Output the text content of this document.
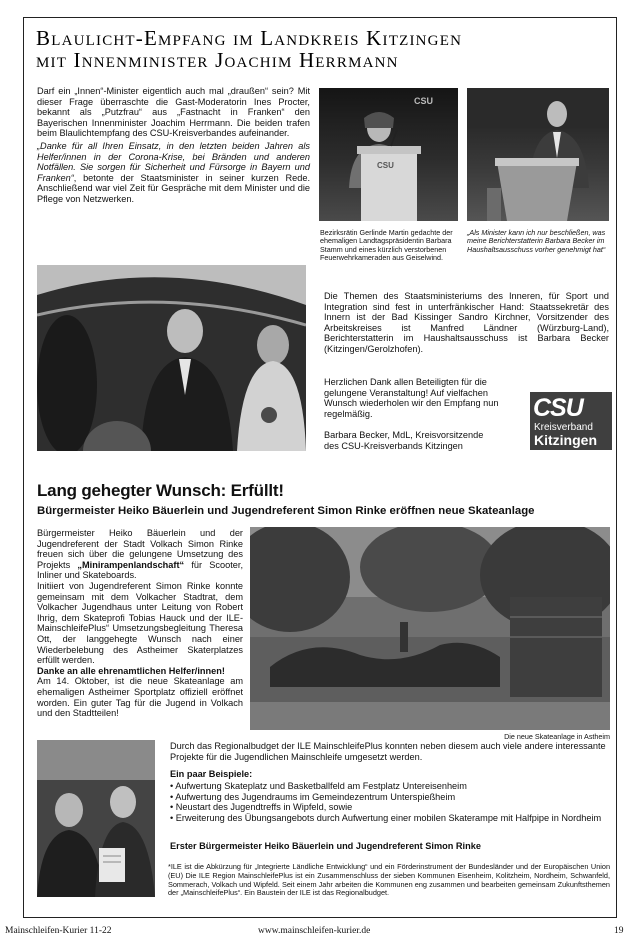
Blaulicht-Empfang im Landkreis Kitzingen
mit Innenminister Joachim Herrmann

Darf ein „Innen“-Minister eigentlich auch mal „draußen“ sein? Mit dieser Frage überraschte die Gast-Moderatorin Ines Procter, bekannt als „Putzfrau“ aus „Fastnacht in Franken“ den Bayerischen Innenminister Joachim Herrmann. Die beiden trafen beim Blaulichtempfang des CSU-Kreisverbandes aufeinander.

„Danke für all Ihren Einsatz, in den letzten beiden Jahren als Helfer/innen in der Corona-Krise, bei Bränden und anderen Notfällen. Sie sorgen für Sicherheit und Fürsorge in Bayern und Franken“, betonte der Staatsminister in seiner kurzen Rede. Anschließend war viel Zeit für Gespräche mit dem Minister und die Pflege von Netzwerken.

CSU
CSU
Bezirksrätin Gerlinde Martin gedachte der ehemaligen Landtagspräsidentin Barbara Stamm und eines kürzlich verstorbenen Feuerwehrkameraden aus Geiselwind.
„Als Minister kann ich nur beschließen, was meine Berichterstatterin Barbara Becker im Haushaltsausschuss vorher genehmigt hat“
Die Themen des Staatsministeriums des Inneren, für Sport und Integration sind fest in unterfränkischer Hand: Staatssekretär des Innern ist der Bad Kissinger Sandro Kirchner, Vorsitzender des Arbeitskreises ist Manfred Ländner (Würzburg-Land), Berichterstatterin im Haushaltsausschuss ist Barbara Becker (Kitzingen/Gerolzhofen).
Herzlichen Dank allen Beteiligten für die gelungene Veranstaltung! Auf vielfachen Wunsch wiederholen wir den Empfang nun regelmäßig.
Barbara Becker, MdL, Kreisvorsitzende
des CSU-Kreisverbands Kitzingen
CSU
Kreisverband
Kitzingen
Lang gehegter Wunsch: Erfüllt!
Bürgermeister Heiko Bäuerlein und Jugendreferent Simon Rinke eröffnen neue Skateanlage

Bürgermeister Heiko Bäuerlein und der Jugendreferent der Stadt Volkach Simon Rinke freuen sich über die gelungene Umsetzung des Projekts „Minirampenlandschaft“ für Scooter, Inliner und Skateboards.

Initiiert von Jugendreferent Simon Rinke konnte gemeinsam mit dem Volkacher Stadtrat, dem Volkacher Jugendhaus unter Leitung von Robert Ihrig, dem Skateprofi Tobias Hauck und der ILE-MainschleifePlus“ Umsetzungsbegleitung Theresa Ott, der langgehegte Wunsch nach einer Wiederbelebung des Astheimer Skaterplatzes erfüllt werden.

Danke an alle ehrenamtlichen Helfer/innen!

Am 14. Oktober, ist die neue Skateanlage am ehemaligen Astheimer Sportplatz offiziell eröffnet worden. Ein guter Tag für die Jugend in Volkach und den Stadtteilen!

Die neue Skateanlage in Astheim
Durch das Regionalbudget der ILE MainschleifePlus konnten neben diesem auch viele andere interessante Projekte für die Jugendlichen Mainschleife umgesetzt werden.
Ein paar Beispiele:
• Aufwertung Skateplatz und Basketballfeld am Festplatz Untereisenheim
• Aufwertung des Jugendraums im Gemeindezentrum Unterspießheim
• Neustart des Jugendtreffs in Wipfeld, sowie
• Erweiterung des Übungsangebots durch Aufwertung einer mobilen Skaterampe mit Halfpipe in Nordheim
Erster Bürgermeister Heiko Bäuerlein und Jugendreferent Simon Rinke
*ILE ist die Abkürzung für „Integrierte Ländliche Entwicklung“ und ein Förderinstrument der Bundesländer und der Europäischen Union (EU) Die ILE Region MainschleifePlus ist ein Zusammenschluss der sieben Kommunen Eisenheim, Kolitzheim, Nordheim, Schwanfeld, Sommerach, Volkach und Wipfeld. Seit einem Jahr arbeiten die Kommunen eng zusammen und bearbeiten gemeinsam Zukunftsthemen der „MainschleifePlus“. Ein Baustein der ILE ist das Regionalbudget.
Mainschleifen-Kurier 11-22	www.mainschleifen-kurier.de	19
